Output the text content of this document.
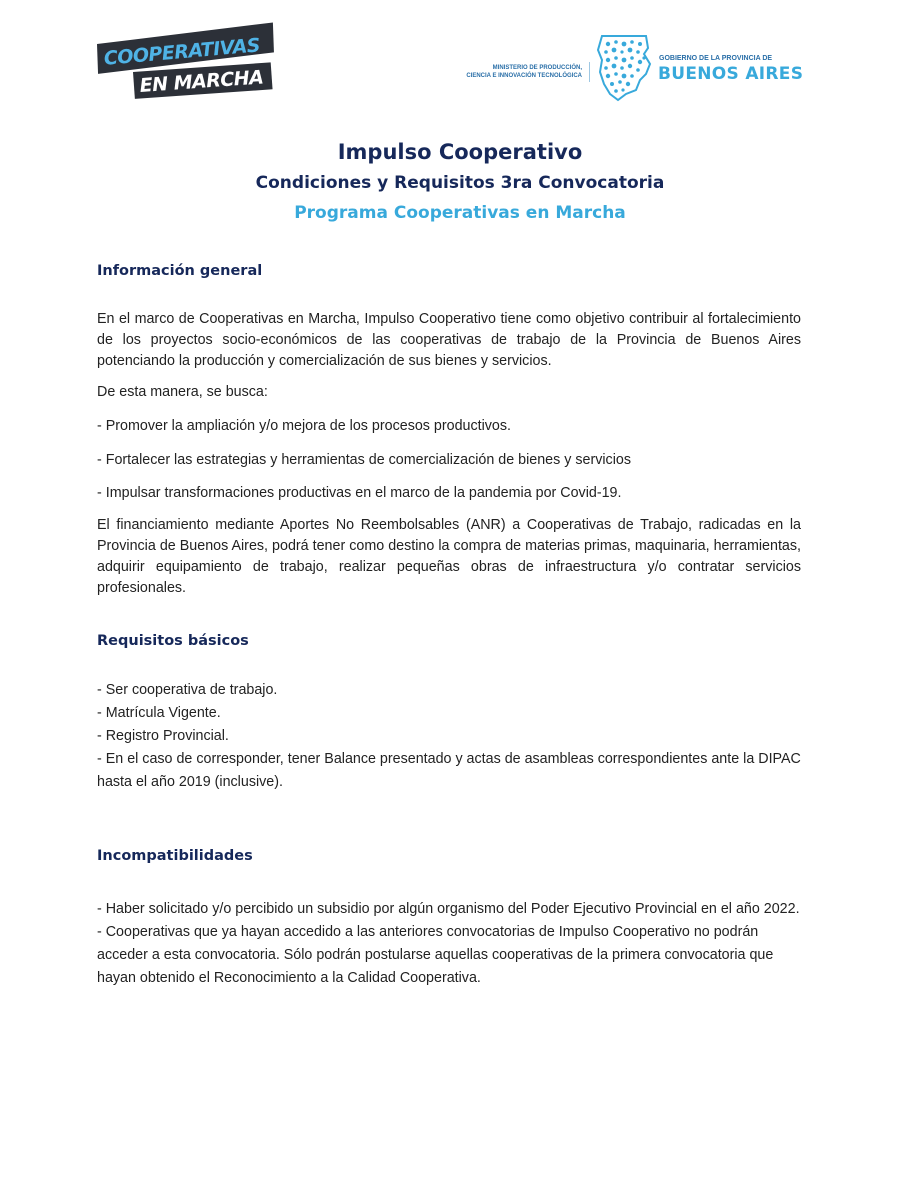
COOPERATIVAS
EN MARCHA	MINISTERIO DE PRODUCCIÓN,
CIENCIA E INNOVACIÓN TECNOLÓGICA
GOBIERNO DE LA PROVINCIA DE
BUENOS AIRES
Impulso Cooperativo
Condiciones y Requisitos 3ra Convocatoria
Programa Cooperativas en Marcha
Información general

En el marco de Cooperativas en Marcha, Impulso Cooperativo tiene como objetivo contribuir al fortalecimiento de los proyectos socio-económicos de las cooperativas de trabajo de la Provincia de Buenos Aires potenciando la producción y comercialización de sus bienes y servicios.

De esta manera, se busca:

- Promover la ampliación y/o mejora de los procesos productivos.

- Fortalecer las estrategias y herramientas de comercialización de bienes y servicios

- Impulsar transformaciones productivas en el marco de la pandemia por Covid-19.

El financiamiento mediante Aportes No Reembolsables (ANR) a Cooperativas de Trabajo, radicadas en la Provincia de Buenos Aires, podrá tener como destino la compra de materias primas, maquinaria, herramientas, adquirir equipamiento de trabajo, realizar pequeñas obras de infraestructura y/o contratar servicios profesionales.

Requisitos básicos
- Ser cooperativa de trabajo.
- Matrícula Vigente.
- Registro Provincial.
- En el caso de corresponder, tener Balance presentado y actas de asambleas correspondientes ante la DIPAC hasta el año 2019 (inclusive).
Incompatibilidades
- Haber solicitado y/o percibido un subsidio por algún organismo del Poder Ejecutivo Provincial en el año 2022.
- Cooperativas que ya hayan accedido a las anteriores convocatorias de Impulso Cooperativo no podrán acceder a esta convocatoria. Sólo podrán postularse aquellas cooperativas de la primera convocatoria que hayan obtenido el Reconocimiento a la Calidad Cooperativa.
